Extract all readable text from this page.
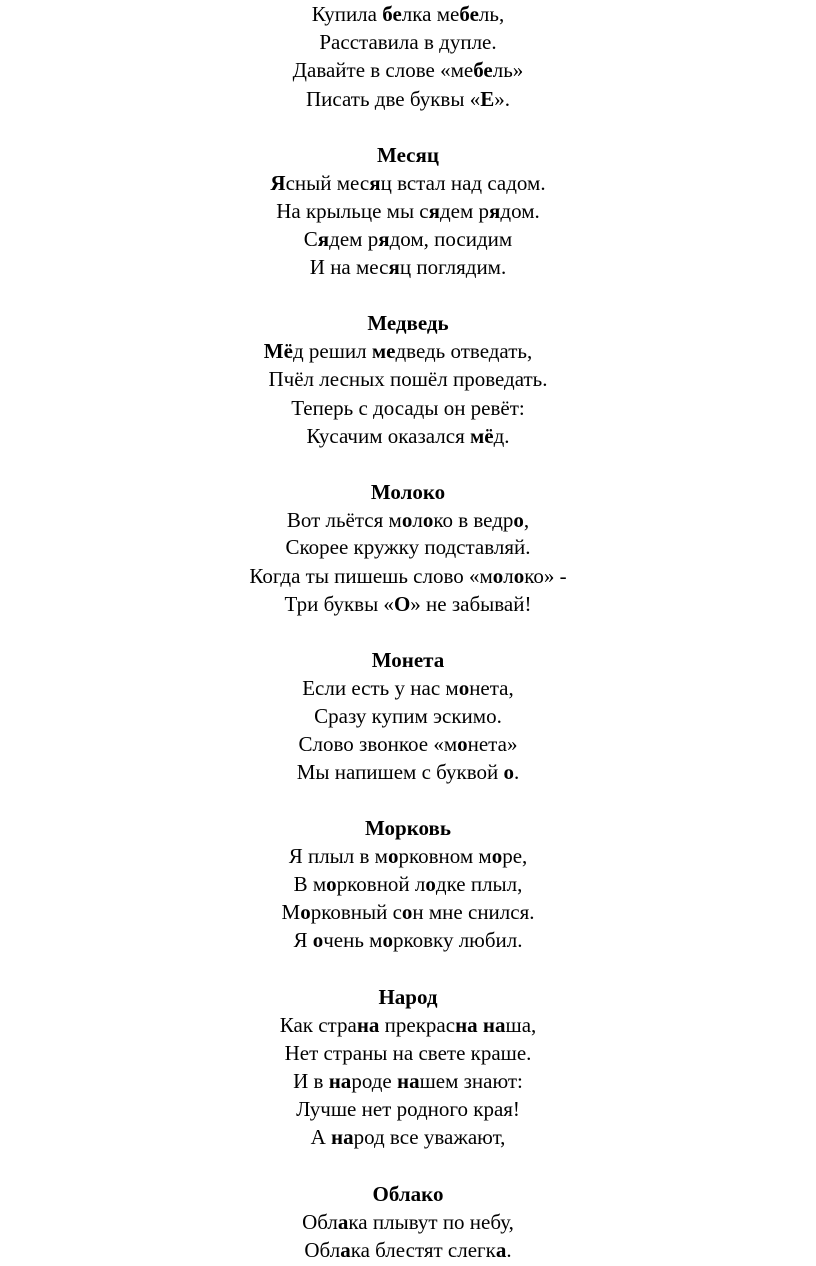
Купила белка мебель,
Расставила в дупле.
Давайте в слове «мебель»
Писать две буквы «Е».
Месяц
Ясный месяц встал над садом.
На крыльце мы сядем рядом.
Сядем рядом, посидим
И на месяц поглядим.
Медведь
Мёд решил медведь отведать,
Пчёл лесных пошёл проведать.
Теперь с досады он ревёт:
Кусачим оказался мёд.
Молоко
Вот льётся молоко в ведро,
Скорее кружку подставляй.
Когда ты пишешь слово «молоко» -
Три буквы «О» не забывай!
Монета
Если есть у нас монета,
Сразу купим эскимо.
Слово звонкое «монета»
Мы напишем с буквой о.
Морковь
Я плыл в морковном море,
В морковной лодке плыл,
Морковный сон мне снился.
Я очень морковку любил.
Народ
Как страна прекрасна наша,
Нет страны на свете краше.
И в народе нашем знают:
Лучше нет родного края!
А народ все уважают,
Облако
Облака плывут по небу,
Облака блестят слегка.
